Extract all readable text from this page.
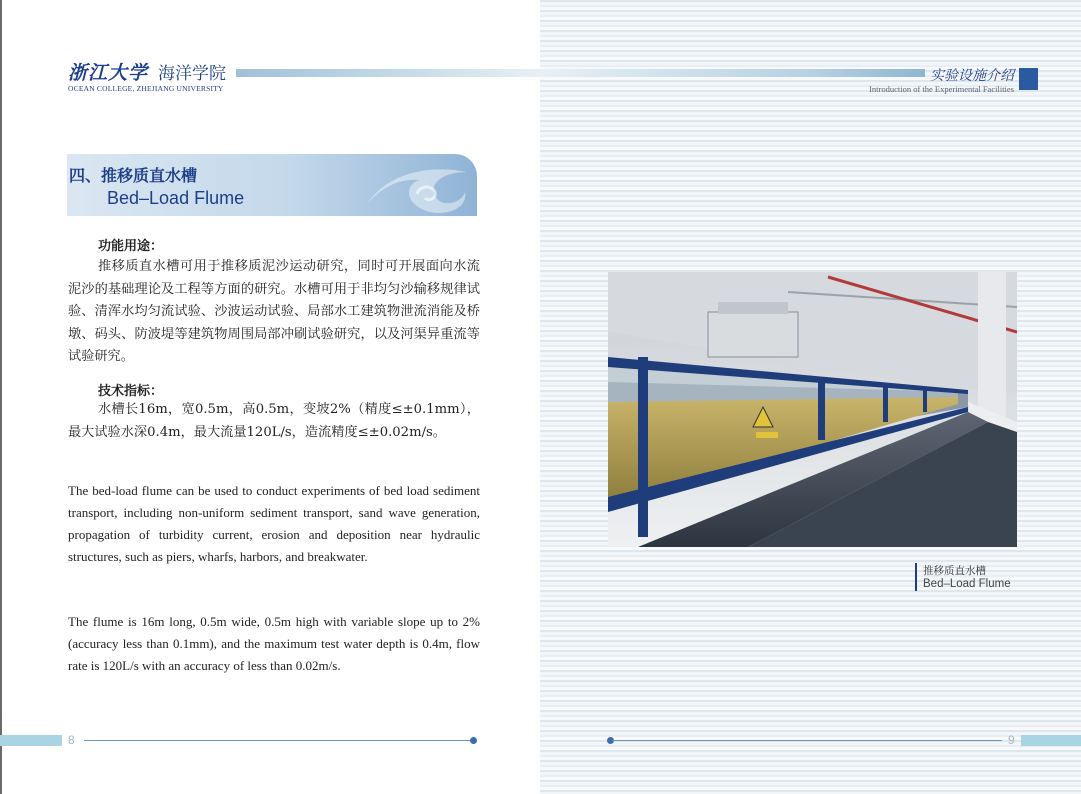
浙江大学 海洋学院
OCEAN COLLEGE, ZHEJIANG UNIVERSITY
实验设施介绍
Introduction of the Experimental Facilities
四、推移质直水槽
Bed–Load Flume
功能用途：
推移质直水槽可用于推移质泥沙运动研究，同时可开展面向水流泥沙的基础理论及工程等方面的研究。水槽可用于非均匀沙输移规律试验、清浑水均匀流试验、沙波运动试验、局部水工建筑物泄流消能及桥墩、码头、防波堤等建筑物周围局部冲刷试验研究，以及河渠异重流等试验研究。
技术指标：
水槽长16m，宽0.5m，高0.5m，变坡2%（精度≤±0.1mm），最大试验水深0.4m，最大流量120L/s，造流精度≤±0.02m/s。
The bed-load flume can be used to conduct experiments of bed load sediment transport, including non-uniform sediment transport, sand wave generation, propagation of turbidity current, erosion and deposition near hydraulic structures, such as piers, wharfs, harbors, and breakwater.
The flume is 16m long, 0.5m wide, 0.5m high with variable slope up to 2% (accuracy less than 0.1mm), and the maximum test water depth is 0.4m, flow rate is 120L/s with an accuracy of less than 0.02m/s.
推移质直水槽
Bed–Load Flume
8	9
